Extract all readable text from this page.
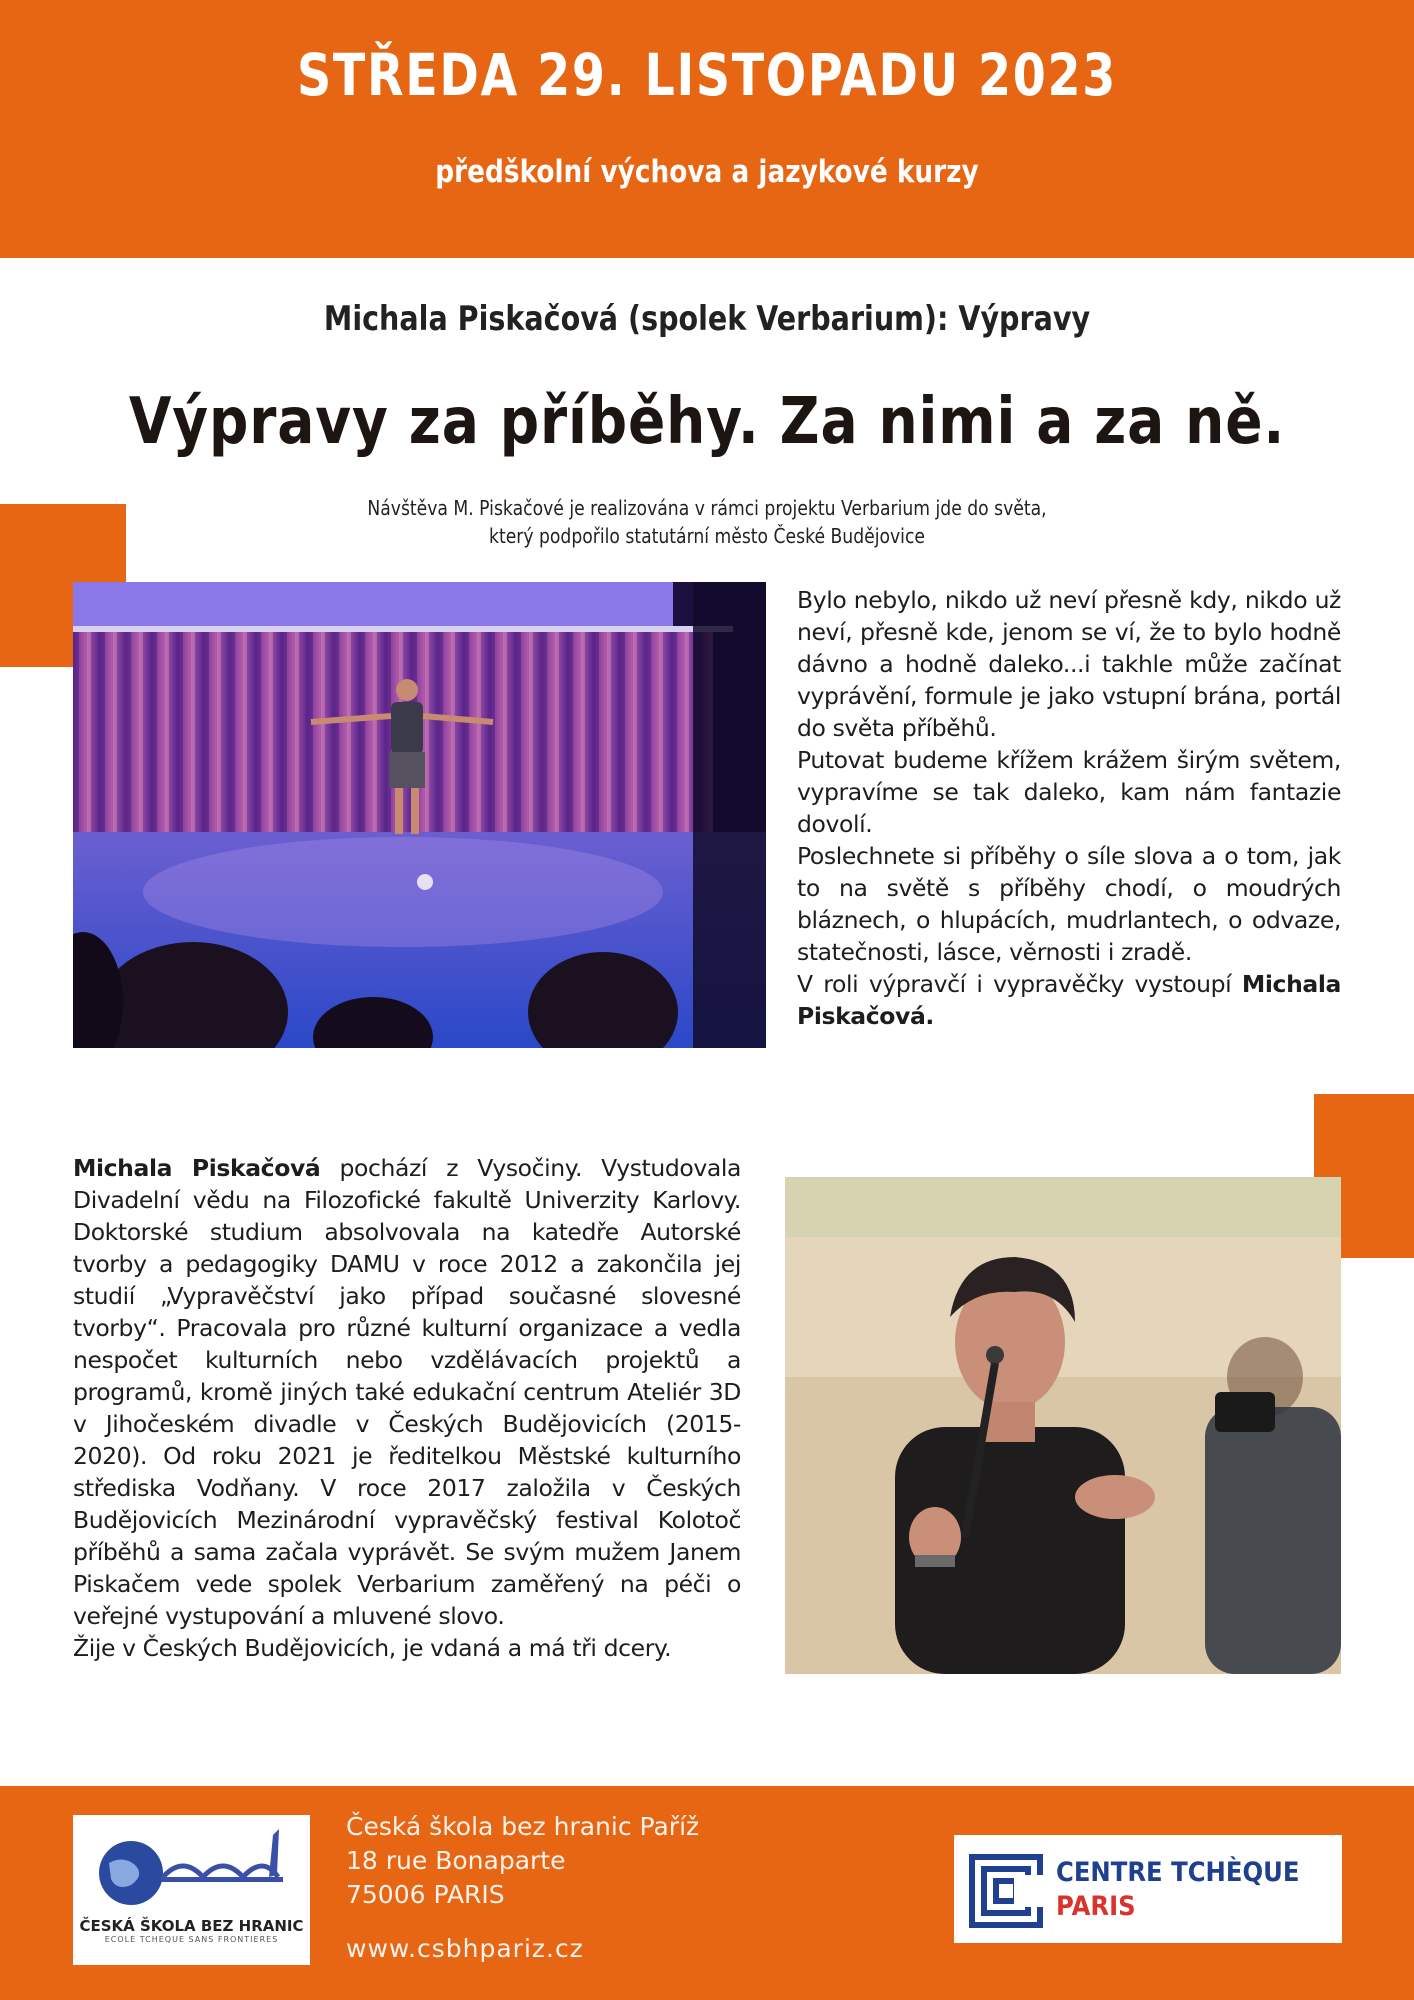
STŘEDA 29. LISTOPADU 2023
předškolní výchova a jazykové kurzy
Michala Piskačová (spolek Verbarium): Výpravy
Výpravy za příběhy. Za nimi a za ně.
Návštěva M. Piskačové je realizována v rámci projektu Verbarium jde do světa,
který podpořilo statutární město České Budějovice

Bylo nebylo, nikdo už neví přesně kdy, nikdo už neví, přesně kde, jenom se ví, že to bylo hodně dávno a hodně daleko...i takhle může začínat vyprávění, formule je jako vstupní brána, portál do světa příběhů.

Putovat budeme křížem krážem širým světem, vypravíme se tak daleko, kam nám fantazie dovolí.

Poslechnete si příběhy o síle slova a o tom, jak to na světě s příběhy chodí, o moudrých bláznech, o hlupácích, mudrlantech, o odvaze, statečnosti, lásce, věrnosti i zradě.

V roli výpravčí i vypravěčky vystoupí Michala Piskačová.

Michala Piskačová pochází z Vysočiny. Vystudovala Divadelní vědu na Filozofické fakultě Univerzity Karlovy. Doktorské studium absolvovala na katedře Autorské tvorby a pedagogiky DAMU v roce 2012 a zakončila jej studií „Vypravěčství jako případ současné slovesné tvorby“. Pracovala pro různé kulturní organizace a vedla nespočet kulturních nebo vzdělávacích projektů a programů, kromě jiných také edukační centrum Ateliér 3D v Jihočeském divadle v Českých Budějovicích (2015-2020). Od roku 2021 je ředitelkou Městské kulturního střediska Vodňany. V roce 2017 založila v Českých Budějovicích Mezinárodní vypravěčský festival Kolotoč příběhů a sama začala vyprávět. Se svým mužem Janem Piskačem vede spolek Verbarium zaměřený na péči o veřejné vystupování a mluvené slovo.

Žije v Českých Budějovicích, je vdaná a má tři dcery.

ČESKÁ ŠKOLA BEZ HRANIC
ECOLE TCHEQUE SANS FRONTIERES
Česká škola bez hranic Paříž
18 rue Bonaparte
75006 PARIS
www.csbhpariz.cz
CENTRE TCHÈQUE
PARIS
